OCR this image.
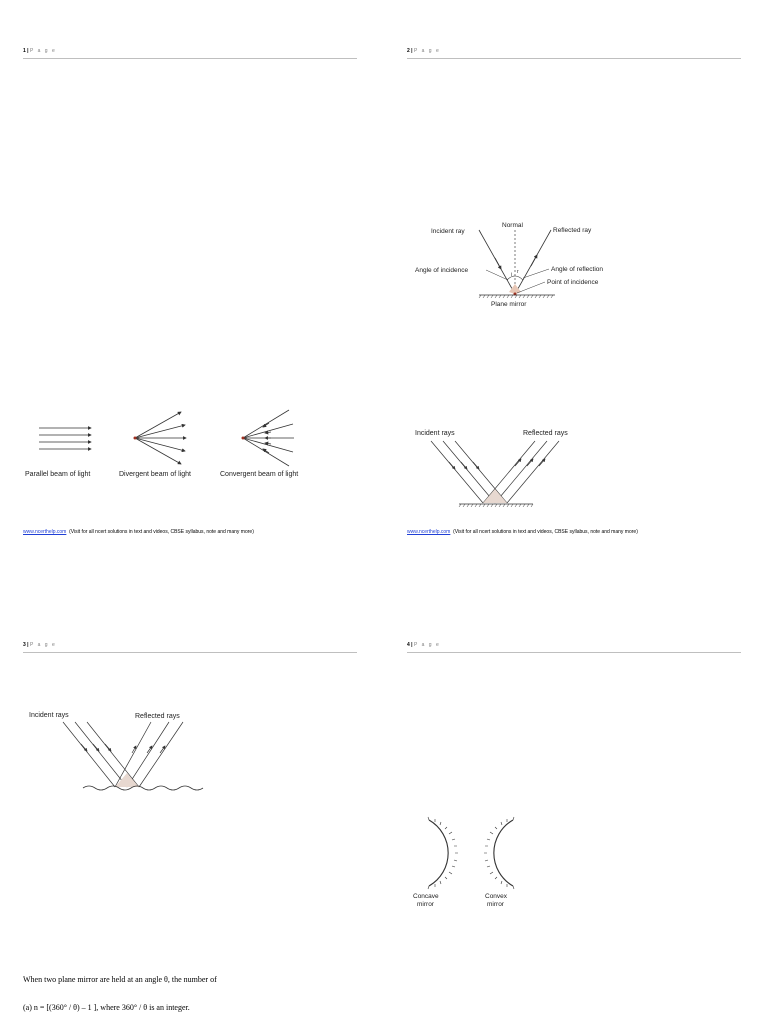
1 | P a g e
Parallel beam of light	Divergent beam of light	Convergent beam of light
www.ncerthelp.com (Visit for all ncert solutions in text and videos, CBSE syllabus, note and many more)
2 | P a g e
Normal
Incident ray	Reflected ray
Angle of incidence	Angle of reflection
Point of incidence
Plane mirror
i r
Incident rays	Reflected rays
www.ncerthelp.com (Visit for all ncert solutions in text and videos, CBSE syllabus, note and many more)
3 | P a g e
Incident rays	Reflected rays
When two plane mirror are held at an angle θ, the number of
(a) n = [(360° / θ) – 1 ], where 360° / θ is an integer.
4 | P a g e
Concave
mirror
Convex
mirror
